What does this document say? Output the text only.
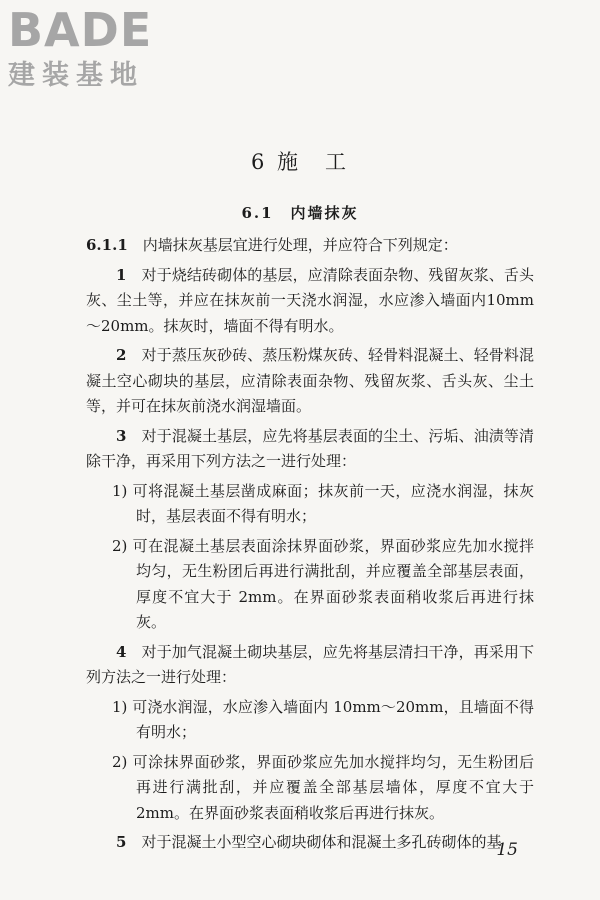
BADE
建装基地
6 施　工
6.1　内墙抹灰

6.1.1　内墙抹灰基层宜进行处理，并应符合下列规定：

1　对于烧结砖砌体的基层，应清除表面杂物、残留灰浆、舌头灰、尘土等，并应在抹灰前一天浇水润湿，水应渗入墙面内10mm～20mm。抹灰时，墙面不得有明水。

2　对于蒸压灰砂砖、蒸压粉煤灰砖、轻骨料混凝土、轻骨料混凝土空心砌块的基层，应清除表面杂物、残留灰浆、舌头灰、尘土等，并可在抹灰前浇水润湿墙面。

3　对于混凝土基层，应先将基层表面的尘土、污垢、油渍等清除干净，再采用下列方法之一进行处理：

1) 可将混凝土基层凿成麻面；抹灰前一天，应浇水润湿，抹灰时，基层表面不得有明水；

2) 可在混凝土基层表面涂抹界面砂浆，界面砂浆应先加水搅拌均匀，无生粉团后再进行满批刮，并应覆盖全部基层表面，厚度不宜大于 2mm。在界面砂浆表面稍收浆后再进行抹灰。

4　对于加气混凝土砌块基层，应先将基层清扫干净，再采用下列方法之一进行处理：

1) 可浇水润湿，水应渗入墙面内 10mm～20mm，且墙面不得有明水；

2) 可涂抹界面砂浆，界面砂浆应先加水搅拌均匀，无生粉团后再进行满批刮，并应覆盖全部基层墙体，厚度不宜大于 2mm。在界面砂浆表面稍收浆后再进行抹灰。

5　对于混凝土小型空心砌块砌体和混凝土多孔砖砌体的基

15
